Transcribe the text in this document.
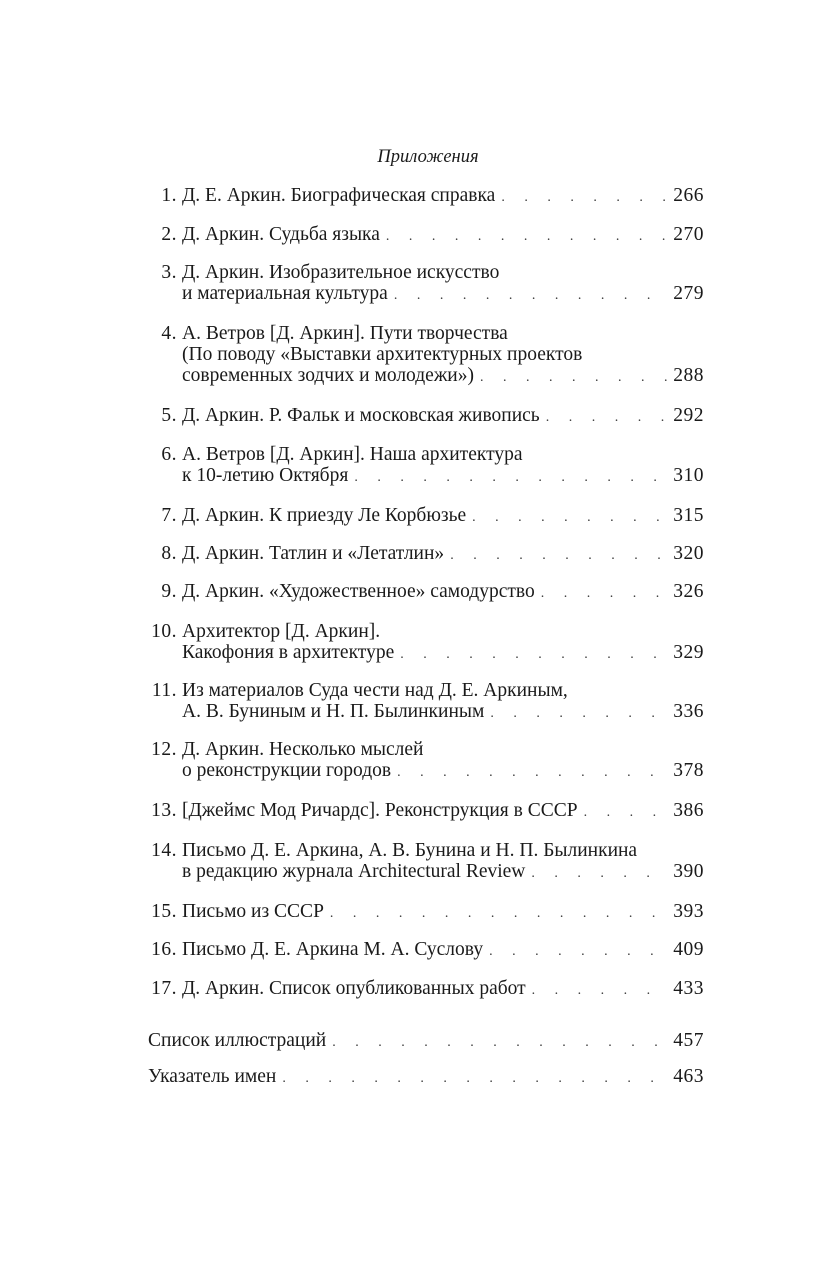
Приложения
1. Д. Е. Аркин. Биографическая справка . . .	266
2. Д. Аркин. Судьба языка . . .	270
3. Д. Аркин. Изобразительное искусство
и материальная культура . . .	279
4. А. Ветров [Д. Аркин]. Пути творчества
(По поводу «Выставки архитектурных проектов
современных зодчих и молодежи») . . .	288
5. Д. Аркин. Р. Фальк и московская живопись . . .	292
6. А. Ветров [Д. Аркин]. Наша архитектура
к 10-летию Октября . . .	310
7. Д. Аркин. К приезду Ле Корбюзье . . .	315
8. Д. Аркин. Татлин и «Летатлин» . . .	320
9. Д. Аркин. «Художественное» самодурство . . .	326
10. Архитектор [Д. Аркин].
Какофония в архитектуре . . .	329
11. Из материалов Суда чести над Д. Е. Аркиным,
А. В. Буниным и Н. П. Былинкиным . . .	336
12. Д. Аркин. Несколько мыслей
о реконструкции городов . . .	378
13. [Джеймс Мод Ричардс]. Реконструкция в СССР . . .	386
14. Письмо Д. Е. Аркина, А. В. Бунина и Н. П. Былинкина
в редакцию журнала Architectural Review . . .	390
15. Письмо из СССР . . .	393
16. Письмо Д. Е. Аркина М. А. Суслову . . .	409
17. Д. Аркин. Список опубликованных работ . . .	433
Список иллюстраций . . .	457
Указатель имен . . .	463
